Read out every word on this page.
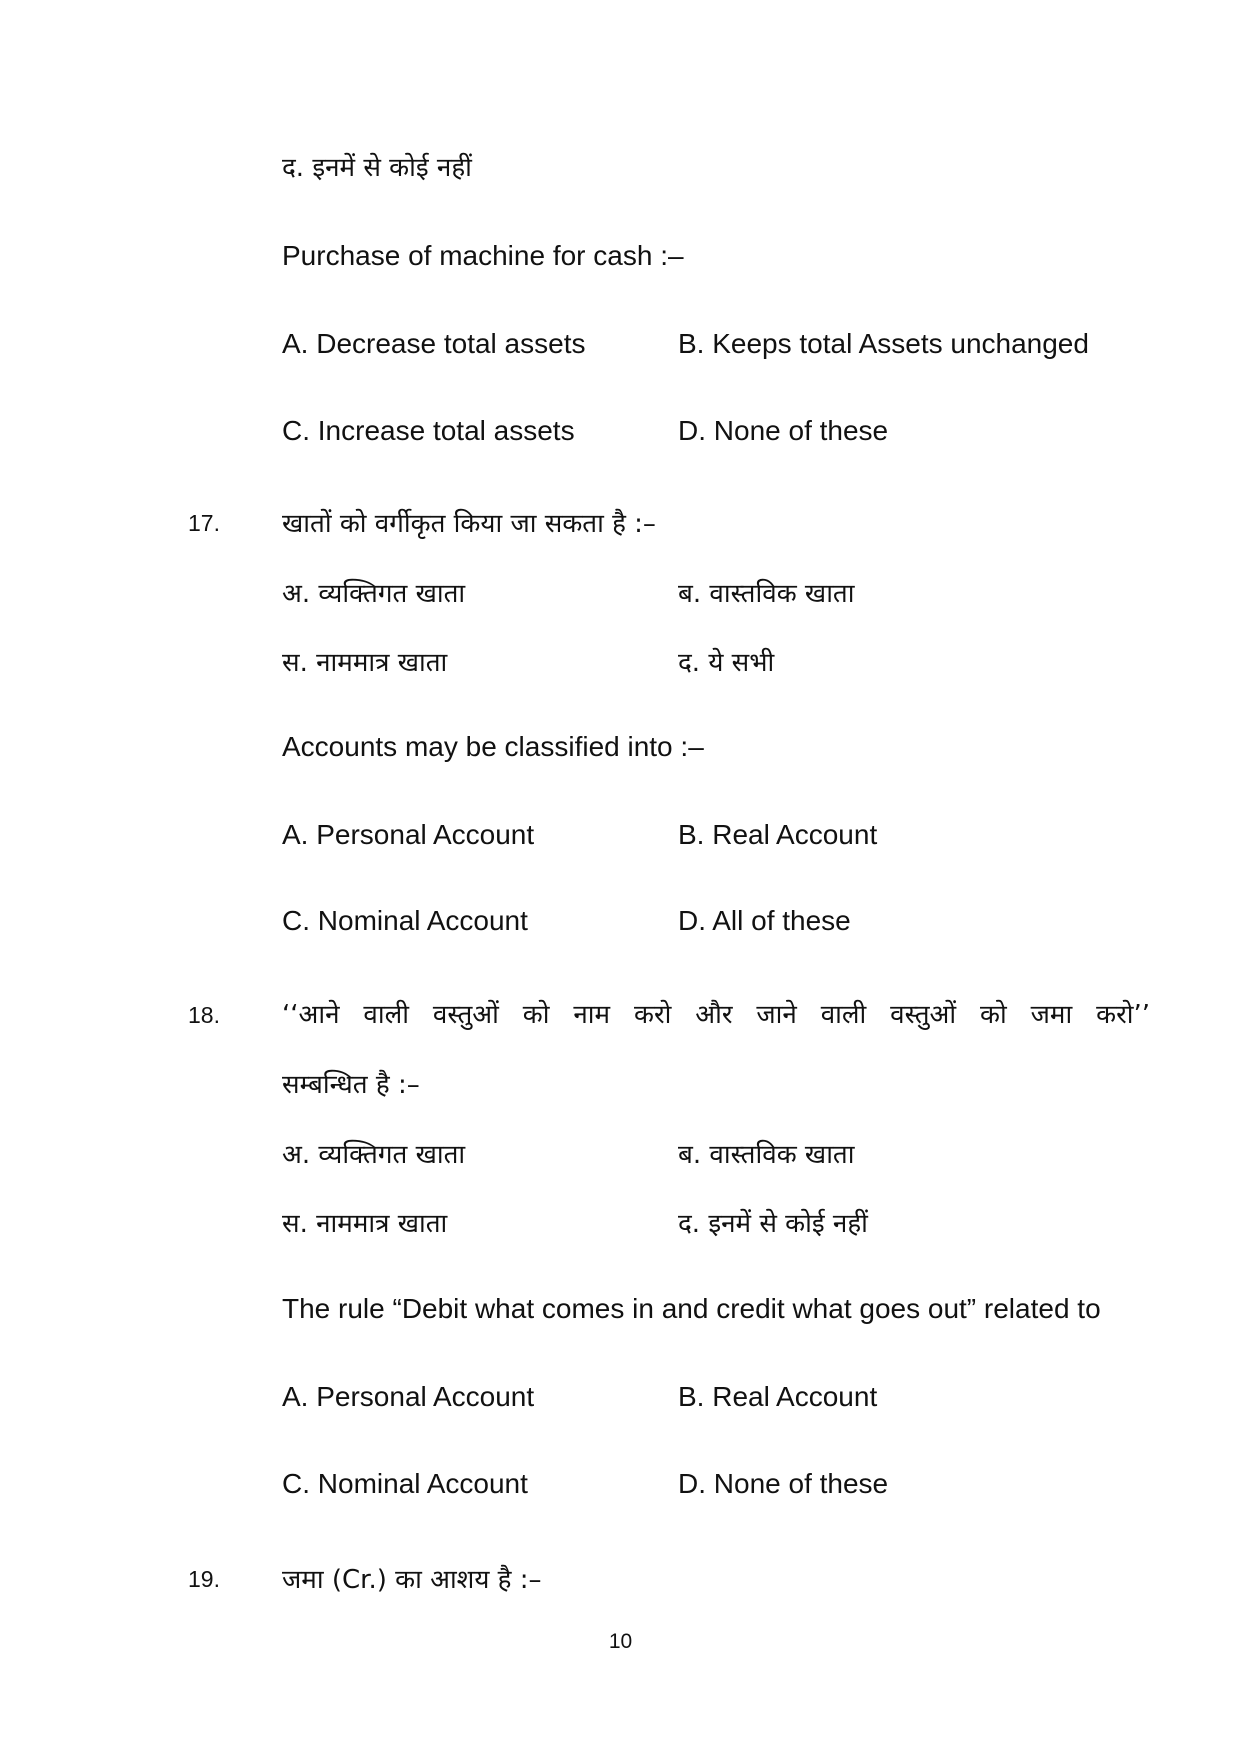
द. इनमें से कोई नहीं
Purchase of machine for cash :–
A. Decrease total assets	B. Keeps total Assets unchanged
C. Increase total assets	D. None of these
17. खातों को वर्गीकृत किया जा सकता है :–
अ. व्यक्तिगत खाता	ब. वास्तविक खाता
स. नाममात्र खाता	द. ये सभी
Accounts may be classified into :–
A. Personal Account	B. Real Account
C. Nominal Account	D. All of these
18. ‘‘आने वाली वस्तुओं को नाम करो और जाने वाली वस्तुओं को जमा करो’’
सम्बन्धित है :–
अ. व्यक्तिगत खाता	ब. वास्तविक खाता
स. नाममात्र खाता	द. इनमें से कोई नहीं
The rule “Debit what comes in and credit what goes out” related to
A. Personal Account	B. Real Account
C. Nominal Account	D. None of these
19. जमा (Cr.) का आशय है :–
10
